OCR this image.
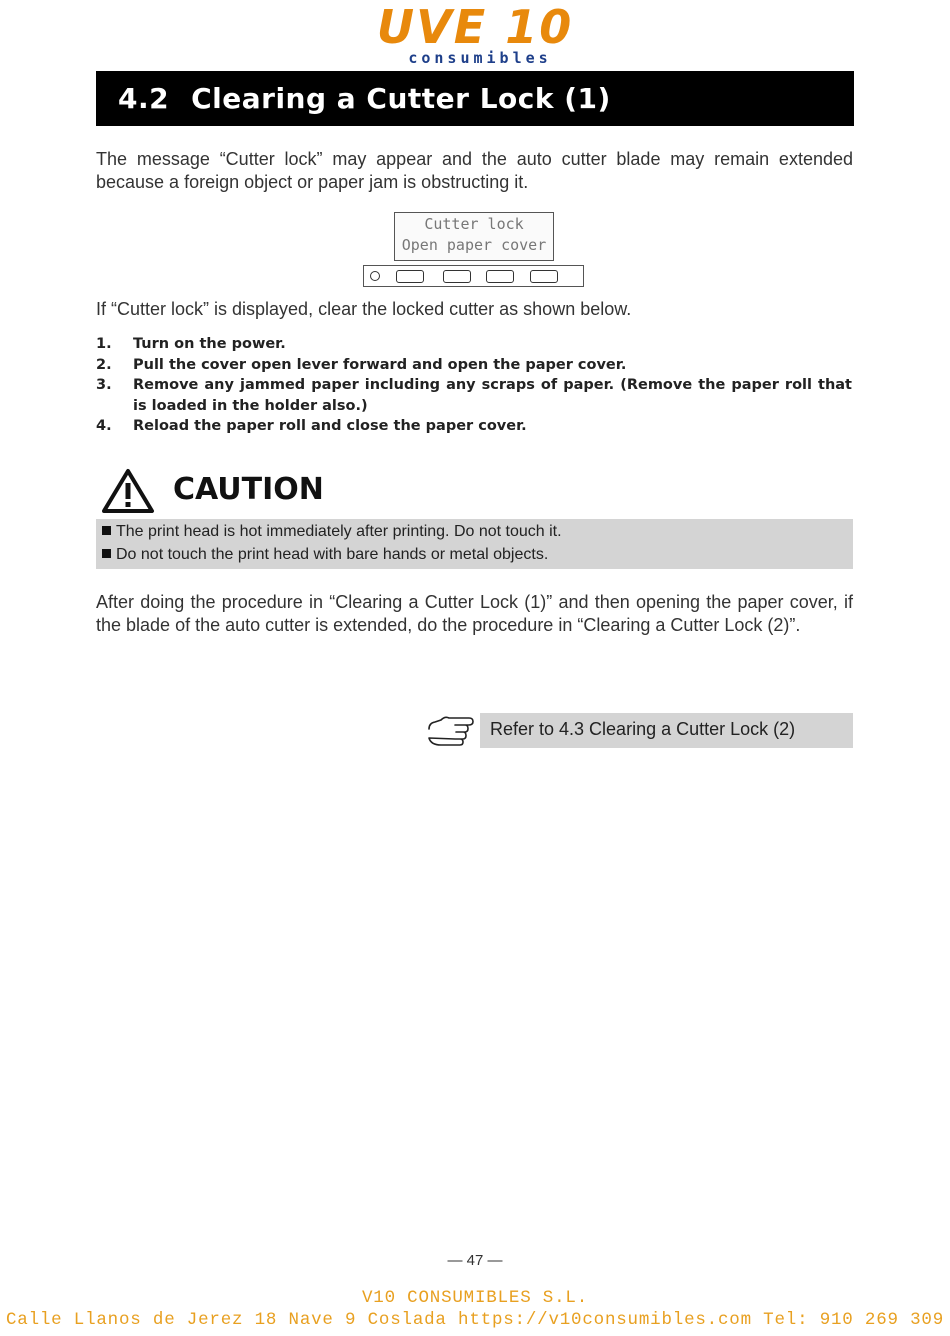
UVE 10
consumibles
4.2 Clearing a Cutter Lock (1)

The message “Cutter lock” may appear and the auto cutter blade may remain extended because a foreign object or paper jam is obstructing it.

Cutter lock
Open paper cover

If “Cutter lock” is displayed, clear the locked cutter as shown below.

1. Turn on the power.
2. Pull the cover open lever forward and open the paper cover.
3. Remove any jammed paper including any scraps of paper. (Remove the paper roll that is loaded in the holder also.)
4. Reload the paper roll and close the paper cover.
CAUTION
The print head is hot immediately after printing. Do not touch it.
Do not touch the print head with bare hands or metal objects.

After doing the procedure in “Clearing a Cutter Lock (1)” and then opening the paper cover, if the blade of the auto cutter is extended, do the procedure in “Clearing a Cutter Lock (2)”.

Refer to 4.3 Clearing a Cutter Lock (2)
— 47 —
V10 CONSUMIBLES S.L.
Calle Llanos de Jerez 18 Nave 9 Coslada https://v10consumibles.com Tel: 910 269 309
